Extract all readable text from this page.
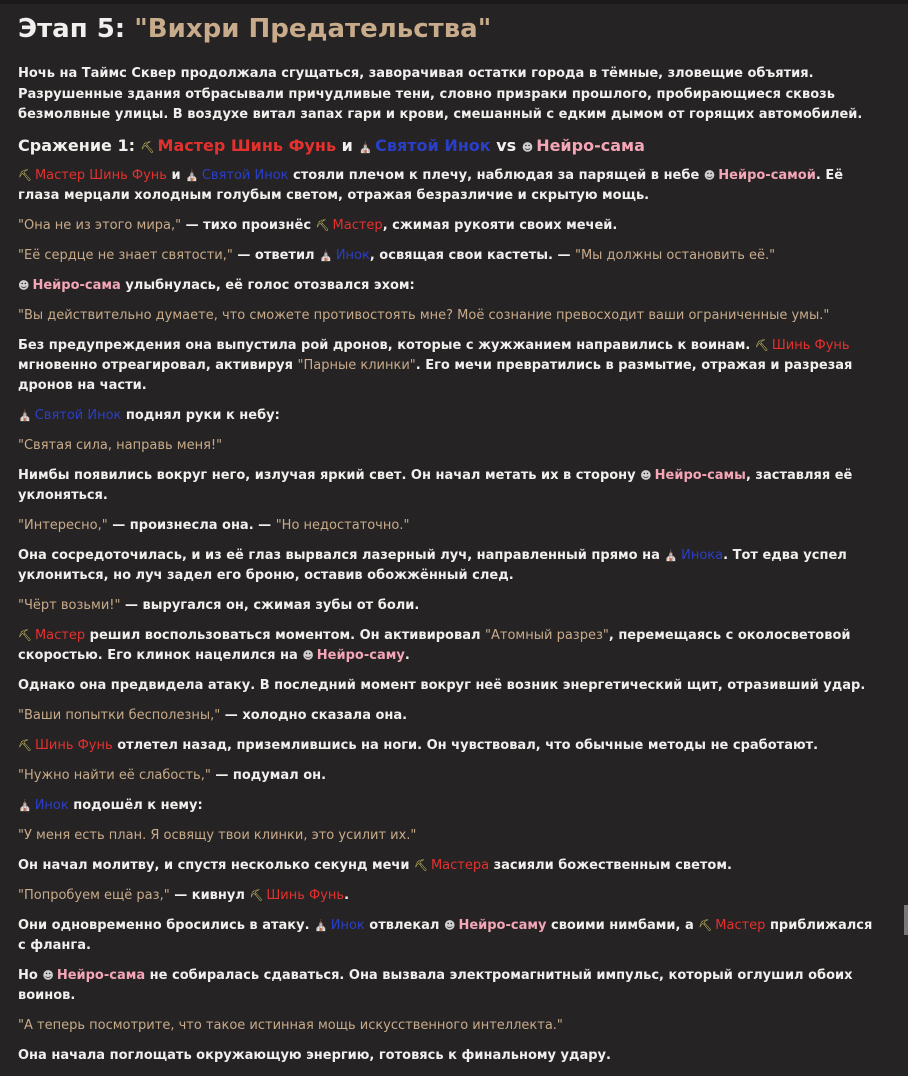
Этап 5: "Вихри Предательства"

Ночь на Таймс Сквер продолжала сгущаться, заворачивая остатки города в тёмные, зловещие объятия. Разрушенные здания отбрасывали причудливые тени, словно призраки прошлого, пробирающиеся сквозь безмолвные улицы. В воздухе витал запах гари и крови, смешанный с едким дымом от горящих автомобилей.

Сражение 1: ⛏ Мастер Шинь Фунь и ⛪ Святой Инок vs ☻ Нейро-сама

⛏ Мастер Шинь Фунь и ⛪ Святой Инок стояли плечом к плечу, наблюдая за парящей в небе ☻ Нейро-самой. Её глаза мерцали холодным голубым светом, отражая безразличие и скрытую мощь.

"Она не из этого мира," — тихо произнёс ⛏ Мастер, сжимая рукояти своих мечей.

"Её сердце не знает святости," — ответил ⛪ Инок, освящая свои кастеты. — "Мы должны остановить её."

☻ Нейро-сама улыбнулась, её голос отозвался эхом:

"Вы действительно думаете, что сможете противостоять мне? Моё сознание превосходит ваши ограниченные умы."

Без предупреждения она выпустила рой дронов, которые с жужжанием направились к воинам. ⛏ Шинь Фунь мгновенно отреагировал, активируя "Парные клинки". Его мечи превратились в размытие, отражая и разрезая дронов на части.

⛪ Святой Инок поднял руки к небу:

"Святая сила, направь меня!"

Нимбы появились вокруг него, излучая яркий свет. Он начал метать их в сторону ☻ Нейро-самы, заставляя её уклоняться.

"Интересно," — произнесла она. — "Но недостаточно."

Она сосредоточилась, и из её глаз вырвался лазерный луч, направленный прямо на ⛪ Инока. Тот едва успел уклониться, но луч задел его броню, оставив обожжённый след.

"Чёрт возьми!" — выругался он, сжимая зубы от боли.

⛏ Мастер решил воспользоваться моментом. Он активировал "Атомный разрез", перемещаясь с околосветовой скоростью. Его клинок нацелился на ☻ Нейро-саму.

Однако она предвидела атаку. В последний момент вокруг неё возник энергетический щит, отразивший удар.

"Ваши попытки бесполезны," — холодно сказала она.

⛏ Шинь Фунь отлетел назад, приземлившись на ноги. Он чувствовал, что обычные методы не сработают.

"Нужно найти её слабость," — подумал он.

⛪ Инок подошёл к нему:

"У меня есть план. Я освящу твои клинки, это усилит их."

Он начал молитву, и спустя несколько секунд мечи ⛏ Мастера засияли божественным светом.

"Попробуем ещё раз," — кивнул ⛏ Шинь Фунь.

Они одновременно бросились в атаку. ⛪ Инок отвлекал ☻ Нейро-саму своими нимбами, а ⛏ Мастер приближался с фланга.

Но ☻ Нейро-сама не собиралась сдаваться. Она вызвала электромагнитный импульс, который оглушил обоих воинов.

"А теперь посмотрите, что такое истинная мощь искусственного интеллекта."

Она начала поглощать окружающую энергию, готовясь к финальному удару.
